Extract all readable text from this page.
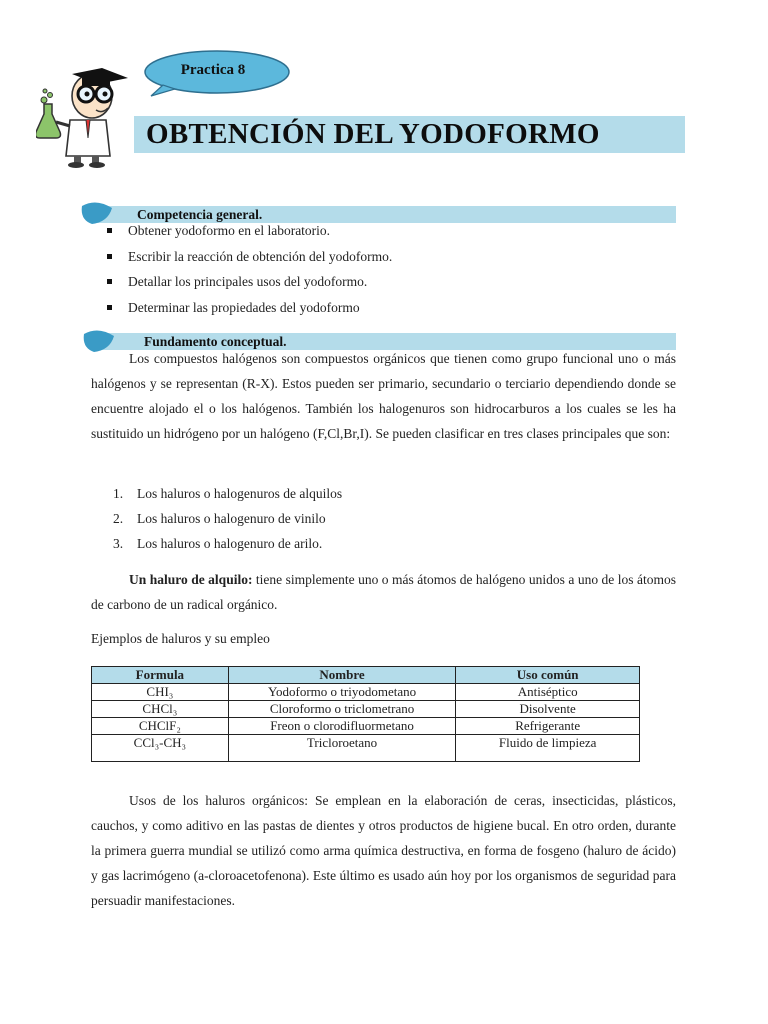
Practica 8
OBTENCIÓN DEL YODOFORMO
Competencia general.
Obtener yodoformo en el laboratorio.
Escribir la reacción de obtención del yodoformo.
Detallar los principales usos del yodoformo.
Determinar las propiedades del yodoformo
Fundamento conceptual.
Los compuestos halógenos son compuestos orgánicos que tienen como grupo funcional uno o más halógenos y se representan (R-X). Estos pueden ser primario, secundario o terciario dependiendo donde se encuentre alojado el o los halógenos. También los halogenuros son hidrocarburos a los cuales se les ha sustituido un hidrógeno por un halógeno (F,Cl,Br,I). Se pueden clasificar en tres clases principales que son:
1. Los haluros o halogenuros de alquilos
2. Los haluros o halogenuro de vinilo
3. Los haluros o halogenuro de arilo.
Un haluro de alquilo: tiene simplemente uno o más átomos de halógeno unidos a uno de los átomos de carbono de un radical orgánico.
Ejemplos de haluros y su empleo
Formula	Nombre	Uso común
CHI₃	Yodoformo o triyodometano	Antiséptico
CHCl₃	Cloroformo o triclometrano	Disolvente
CHClF₂	Freon o clorodifluormetano	Refrigerante
CCl₃-CH₃	Tricloroetano	Fluido de limpieza
Usos de los haluros orgánicos: Se emplean en la elaboración de ceras, insecticidas, plásticos, cauchos, y como aditivo en las pastas de dientes y otros productos de higiene bucal. En otro orden, durante la primera guerra mundial se utilizó como arma química destructiva, en forma de fosgeno (haluro de ácido) y gas lacrimógeno (a-cloroacetofenona). Este último es usado aún hoy por los organismos de seguridad para persuadir manifestaciones.
